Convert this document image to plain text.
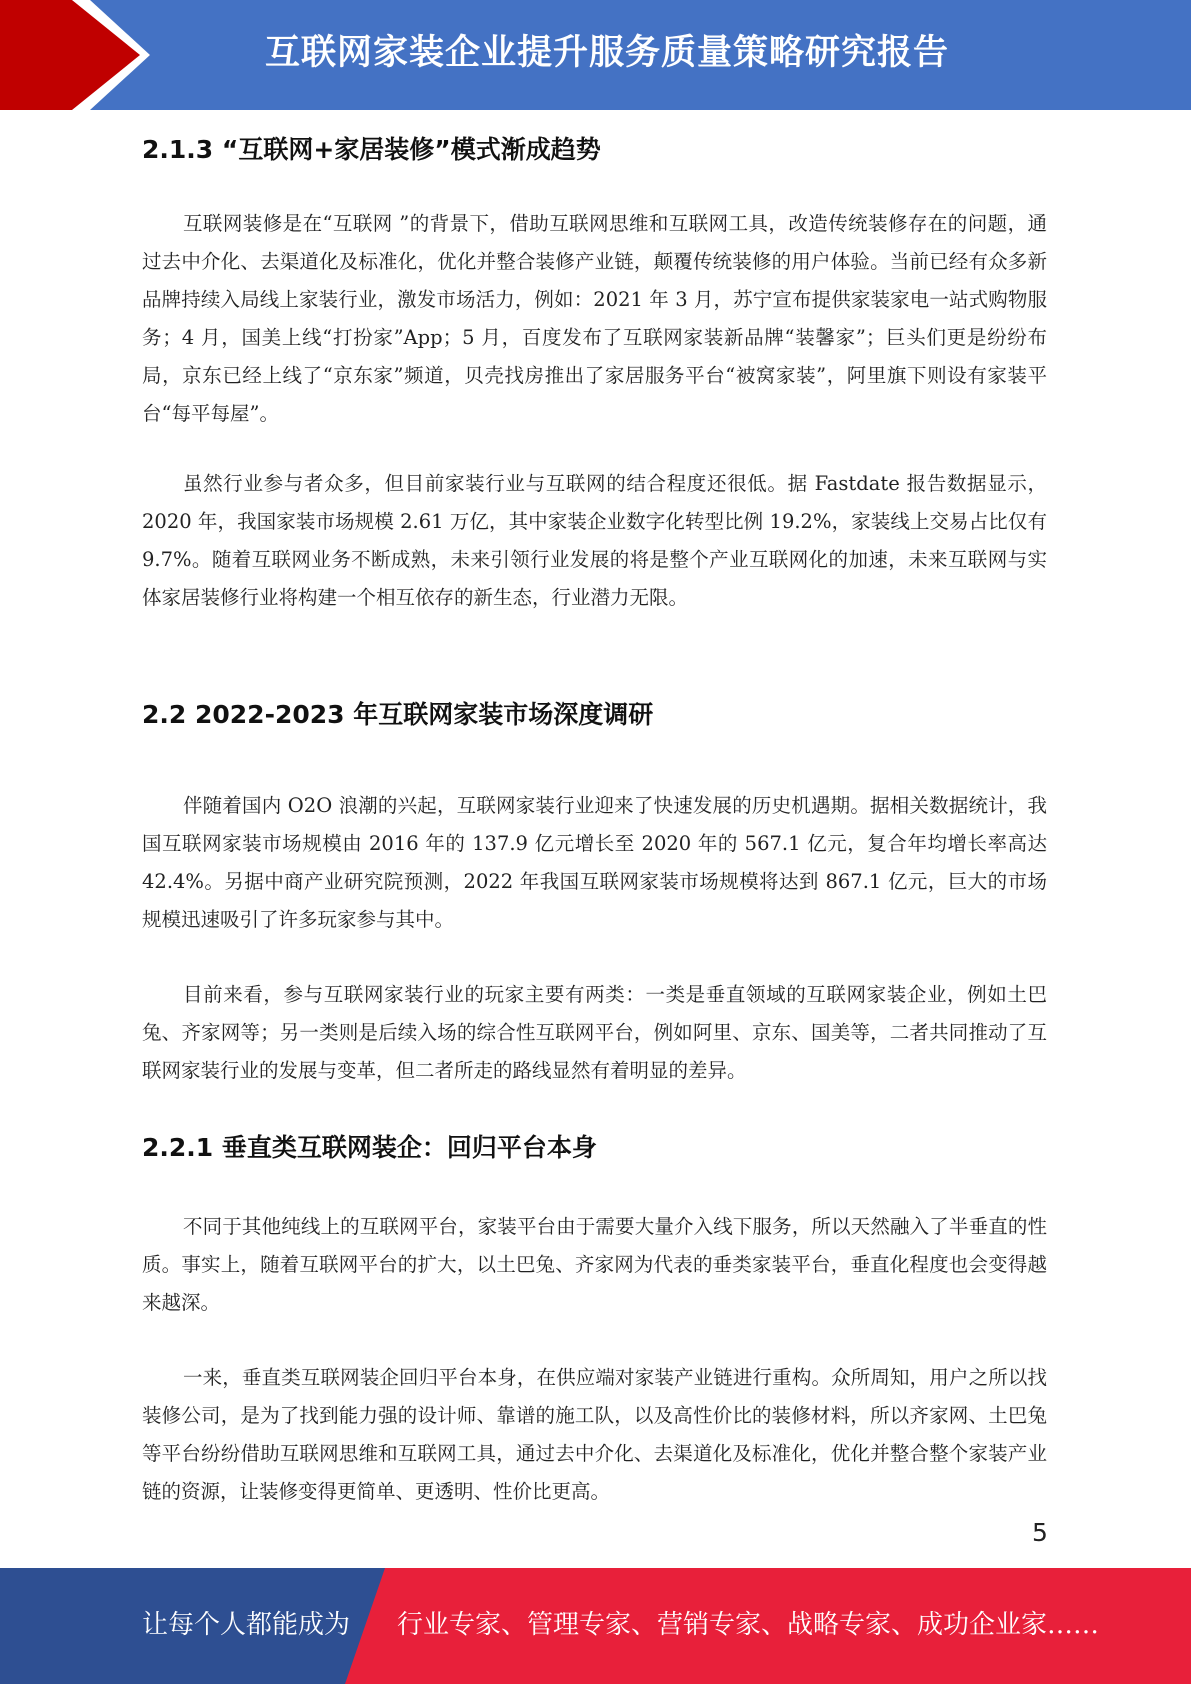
互联网家装企业提升服务质量策略研究报告
2.1.3 “互联网+家居装修”模式渐成趋势

互联网装修是在“互联网 ”的背景下，借助互联网思维和互联网工具，改造传统装修存在的问题，通过去中介化、去渠道化及标准化，优化并整合装修产业链，颠覆传统装修的用户体验。当前已经有众多新品牌持续入局线上家装行业，激发市场活力，例如：2021 年 3 月，苏宁宣布提供家装家电一站式购物服务；4 月，国美上线“打扮家”App；5 月，百度发布了互联网家装新品牌“装馨家”；巨头们更是纷纷布局，京东已经上线了“京东家”频道，贝壳找房推出了家居服务平台“被窝家装”，阿里旗下则设有家装平台“每平每屋”。

虽然行业参与者众多，但目前家装行业与互联网的结合程度还很低。据 Fastdate 报告数据显示，2020 年，我国家装市场规模 2.61 万亿，其中家装企业数字化转型比例 19.2%，家装线上交易占比仅有 9.7%。随着互联网业务不断成熟，未来引领行业发展的将是整个产业互联网化的加速，未来互联网与实体家居装修行业将构建一个相互依存的新生态，行业潜力无限。

2.2 2022-2023 年互联网家装市场深度调研

伴随着国内 O2O 浪潮的兴起，互联网家装行业迎来了快速发展的历史机遇期。据相关数据统计，我国互联网家装市场规模由 2016 年的 137.9 亿元增长至 2020 年的 567.1 亿元，复合年均增长率高达 42.4%。另据中商产业研究院预测，2022 年我国互联网家装市场规模将达到 867.1 亿元，巨大的市场规模迅速吸引了许多玩家参与其中。

目前来看，参与互联网家装行业的玩家主要有两类：一类是垂直领域的互联网家装企业，例如土巴兔、齐家网等；另一类则是后续入场的综合性互联网平台，例如阿里、京东、国美等，二者共同推动了互联网家装行业的发展与变革，但二者所走的路线显然有着明显的差异。

2.2.1 垂直类互联网装企：回归平台本身

不同于其他纯线上的互联网平台，家装平台由于需要大量介入线下服务，所以天然融入了半垂直的性质。事实上，随着互联网平台的扩大，以土巴兔、齐家网为代表的垂类家装平台，垂直化程度也会变得越来越深。

一来，垂直类互联网装企回归平台本身，在供应端对家装产业链进行重构。众所周知，用户之所以找装修公司，是为了找到能力强的设计师、靠谱的施工队，以及高性价比的装修材料，所以齐家网、土巴兔等平台纷纷借助互联网思维和互联网工具，通过去中介化、去渠道化及标准化，优化并整合整个家装产业链的资源，让装修变得更简单、更透明、性价比更高。

5
让每个人都能成为 行业专家、管理专家、营销专家、战略专家、成功企业家……
